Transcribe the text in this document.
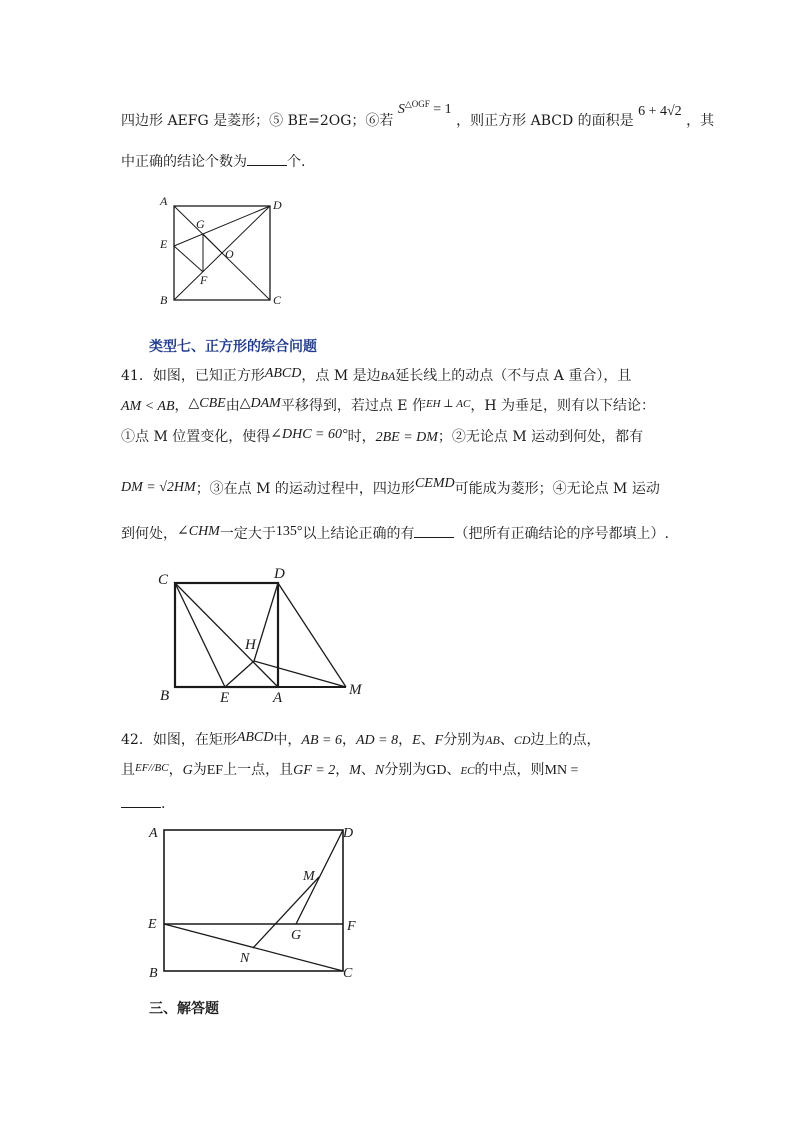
四边形 AEFG 是菱形；⑤ BE=2OG；⑥若 $S^{\triangle OGF} = 1$ ，则正方形 ABCD 的面积是 6 + 4√2 ，其
中正确的结论个数为	个.
A	D
G
E
O
F
B	C
类型七、正方形的综合问题
41．如图，已知正方形ABCD，点 M 是边BA延长线上的动点（不与点 A 重合），且
AM < AB，△CBE由△DAM平移得到，若过点 E 作$^{EH \perp AC}$，H 为垂足，则有以下结论：
①点 M 位置变化，使得∠DHC = 60°时，2BE = DM；②无论点 M 运动到何处，都有
DM = √2HM；③在点 M 的运动过程中，四边形CEMD可能成为菱形；④无论点 M 运动
到何处，∠CHM一定大于135°以上结论正确的有	（把所有正确结论的序号都填上）.
C	D
H
B	E	A	M
42．如图，在矩形ABCD中，AB = 6，AD = 8，E、F分别为AB、CD边上的点，
且$^{EF//BC}$，G为EF上一点，且GF = 2，M、N分别为GD、EC的中点，则MN =
.
A	D
M
E	F
G
N
B	C
三、解答题
